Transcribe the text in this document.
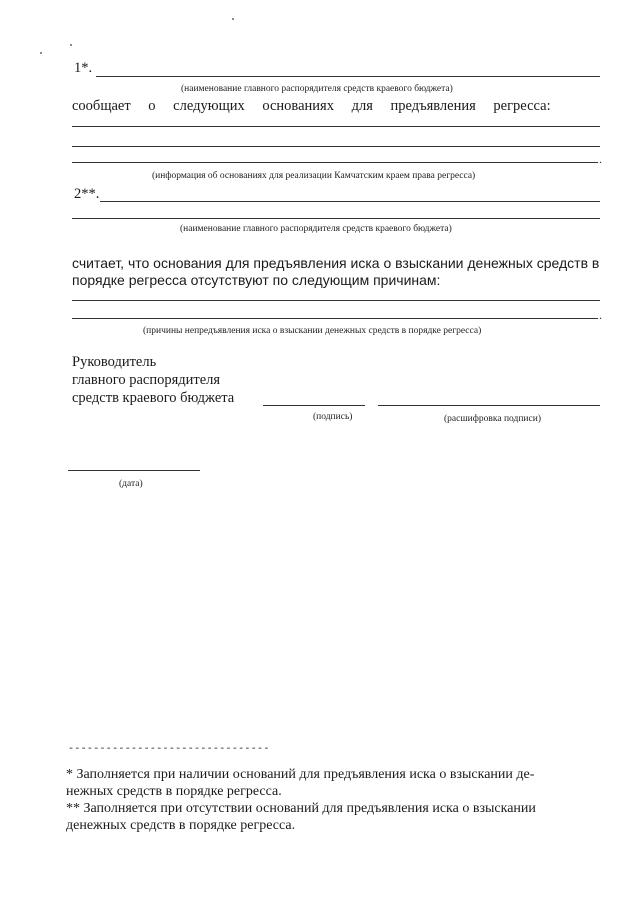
1*.
(наименование главного распорядителя средств краевого бюджета)
сообщает о следующих основаниях для предъявления регресса:
.
(информация об основаниях для реализации Камчатским краем права регресса)
2**.
(наименование главного распорядителя средств краевого бюджета)
считает, что основания для предъявления иска о взыскании денежных средств в
порядке регресса отсутствуют по следующим причинам:
.
(причины непредъявления иска о взыскании денежных средств в порядке регресса)
Руководитель
главного распорядителя
средств краевого бюджета
(подпись)	(расшифровка подписи)
(дата)
--------------------------------
* Заполняется при наличии оснований для предъявления иска о взыскании де-
нежных средств в порядке регресса.
** Заполняется при отсутствии оснований для предъявления иска о взыскании
денежных средств в порядке регресса.
